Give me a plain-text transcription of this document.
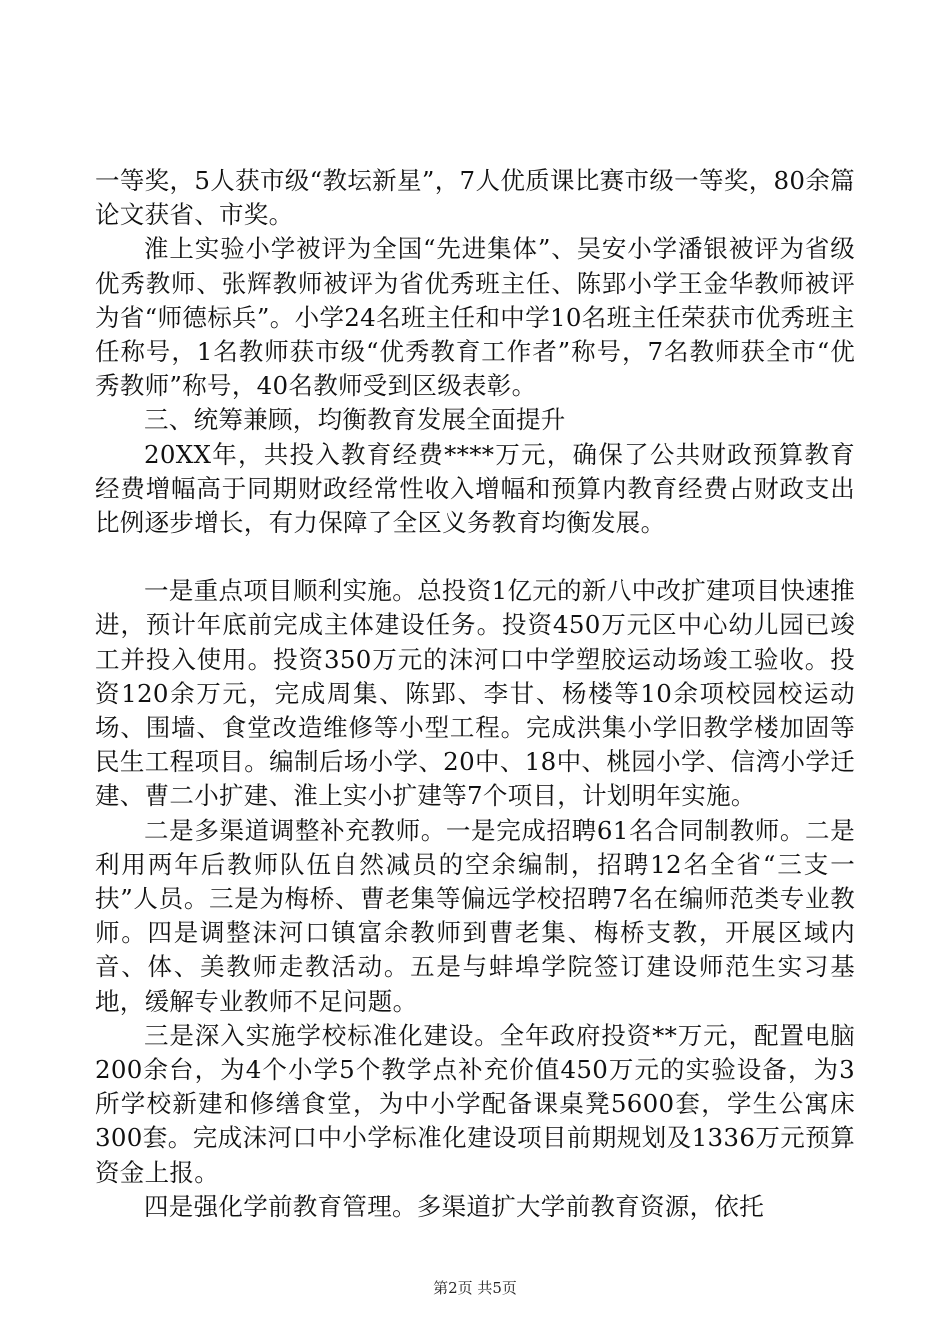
一等奖，5人获市级“教坛新星”，7人优质课比赛市级一等奖，80余篇论文获省、市奖。

淮上实验小学被评为全国“先进集体”、吴安小学潘银被评为省级优秀教师、张辉教师被评为省优秀班主任、陈郢小学王金华教师被评为省“师德标兵”。小学24名班主任和中学10名班主任荣获市优秀班主任称号，1名教师获市级“优秀教育工作者”称号，7名教师获全市“优秀教师”称号，40名教师受到区级表彰。

三、统筹兼顾，均衡教育发展全面提升

20XX年，共投入教育经费****万元，确保了公共财政预算教育经费增幅高于同期财政经常性收入增幅和预算内教育经费占财政支出比例逐步增长，有力保障了全区义务教育均衡发展。

一是重点项目顺利实施。总投资1亿元的新八中改扩建项目快速推进，预计年底前完成主体建设任务。投资450万元区中心幼儿园已竣工并投入使用。投资350万元的沫河口中学塑胶运动场竣工验收。投资120余万元，完成周集、陈郢、李甘、杨楼等10余项校园校运动场、围墙、食堂改造维修等小型工程。完成洪集小学旧教学楼加固等民生工程项目。编制后场小学、20中、18中、桃园小学、信湾小学迁建、曹二小扩建、淮上实小扩建等7个项目，计划明年实施。

二是多渠道调整补充教师。一是完成招聘61名合同制教师。二是利用两年后教师队伍自然减员的空余编制，招聘12名全省“三支一扶”人员。三是为梅桥、曹老集等偏远学校招聘7名在编师范类专业教师。四是调整沫河口镇富余教师到曹老集、梅桥支教，开展区域内音、体、美教师走教活动。五是与蚌埠学院签订建设师范生实习基地，缓解专业教师不足问题。

三是深入实施学校标准化建设。全年政府投资**万元，配置电脑200余台，为4个小学5个教学点补充价值450万元的实验设备，为3所学校新建和修缮食堂，为中小学配备课桌凳5600套，学生公寓床300套。完成沫河口中小学标准化建设项目前期规划及1336万元预算资金上报。

四是强化学前教育管理。多渠道扩大学前教育资源，依托

第2页 共5页
